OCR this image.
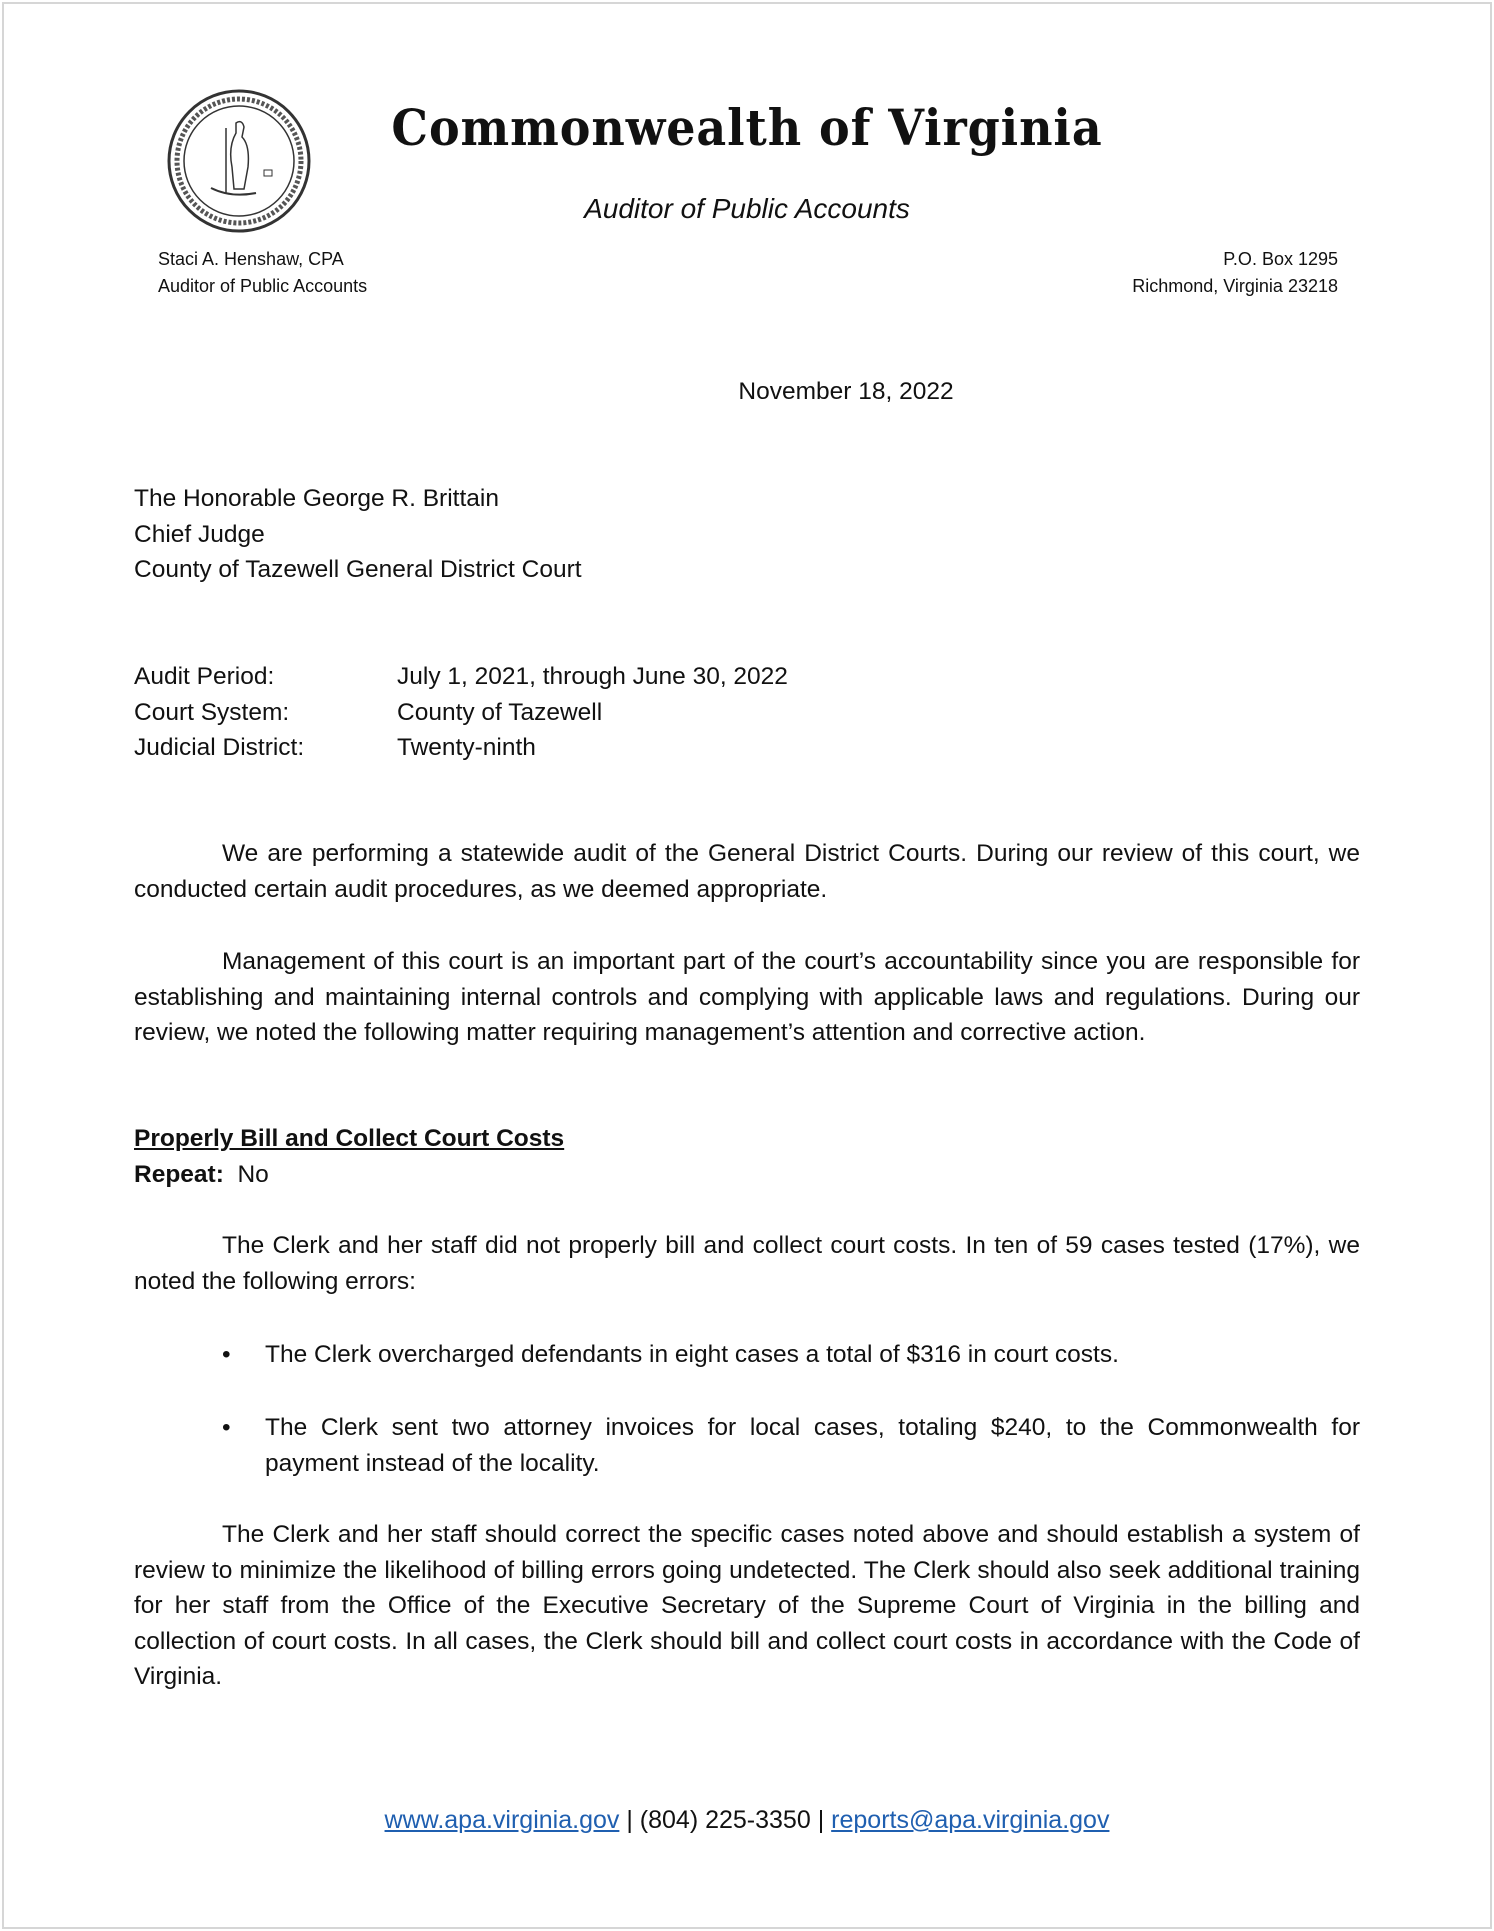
Commonwealth of Virginia
Auditor of Public Accounts
Staci A. Henshaw, CPA
Auditor of Public Accounts
P.O. Box 1295
Richmond, Virginia 23218
November 18, 2022
The Honorable George R. Brittain
Chief Judge
County of Tazewell General District Court
Audit Period:	July 1, 2021, through June 30, 2022
Court System:	County of Tazewell
Judicial District:	Twenty-ninth
We are performing a statewide audit of the General District Courts. During our review of this court, we conducted certain audit procedures, as we deemed appropriate.
Management of this court is an important part of the court’s accountability since you are responsible for establishing and maintaining internal controls and complying with applicable laws and regulations. During our review, we noted the following matter requiring management’s attention and corrective action.
Properly Bill and Collect Court Costs
Repeat: No
The Clerk and her staff did not properly bill and collect court costs. In ten of 59 cases tested (17%), we noted the following errors:
• The Clerk overcharged defendants in eight cases a total of $316 in court costs.
• The Clerk sent two attorney invoices for local cases, totaling $240, to the Commonwealth for payment instead of the locality.
The Clerk and her staff should correct the specific cases noted above and should establish a system of review to minimize the likelihood of billing errors going undetected. The Clerk should also seek additional training for her staff from the Office of the Executive Secretary of the Supreme Court of Virginia in the billing and collection of court costs. In all cases, the Clerk should bill and collect court costs in accordance with the Code of Virginia.
www.apa.virginia.gov | (804) 225-3350 | reports@apa.virginia.gov
